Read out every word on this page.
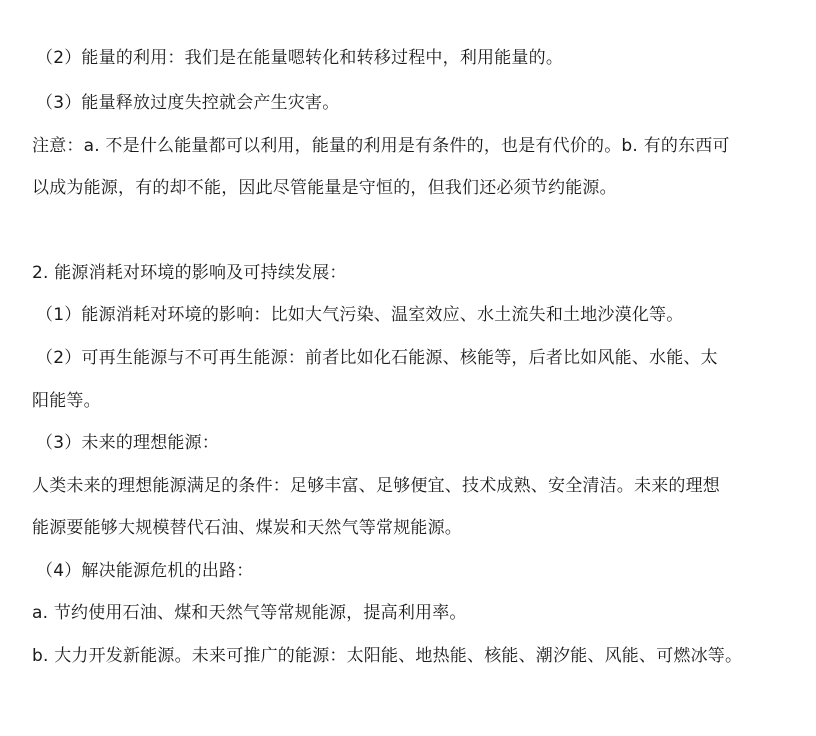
（2）能量的利用：我们是在能量嗯转化和转移过程中，利用能量的。
（3）能量释放过度失控就会产生灾害。
注意：a. 不是什么能量都可以利用，能量的利用是有条件的，也是有代价的。b. 有的东西可
以成为能源，有的却不能，因此尽管能量是守恒的，但我们还必须节约能源。
2. 能源消耗对环境的影响及可持续发展：
（1）能源消耗对环境的影响：比如大气污染、温室效应、水土流失和土地沙漠化等。
（2）可再生能源与不可再生能源：前者比如化石能源、核能等，后者比如风能、水能、太
阳能等。
（3）未来的理想能源：
人类未来的理想能源满足的条件：足够丰富、足够便宜、技术成熟、安全清洁。未来的理想
能源要能够大规模替代石油、煤炭和天然气等常规能源。
（4）解决能源危机的出路：
a. 节约使用石油、煤和天然气等常规能源，提高利用率。
b. 大力开发新能源。未来可推广的能源：太阳能、地热能、核能、潮汐能、风能、可燃冰等。
